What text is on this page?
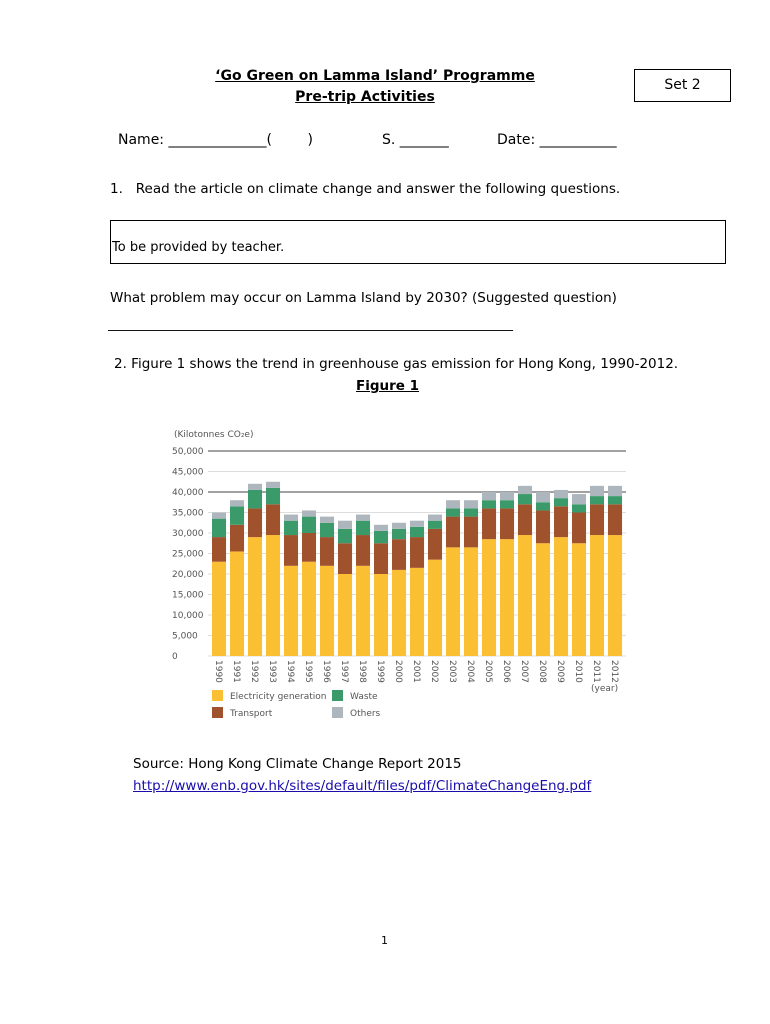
‘Go Green on Lamma Island’ Programme
Pre-trip Activities
Set 2
Name: ______________(        )	S. _______	Date: ___________
1.   Read the article on climate change and answer the following questions.
To be provided by teacher.
What problem may occur on Lamma Island by 2030? (Suggested question)
____________________________________________________________
2. Figure 1 shows the trend in greenhouse gas emission for Hong Kong, 1990-2012.
Figure 1
(Kilotonnes CO₂e)
0
5,000
10,000
15,000
20,000
25,000
30,000
35,000
40,000
45,000
50,000
1990 1991 1992 1993 1994 1995 1996 1997 1998 1999 2000 2001 2002 2003 2004 2005 2006 2007 2008 2009 2010 2011 2012
(year)
Electricity generation
Transport
Waste
Others
Source: Hong Kong Climate Change Report 2015
http://www.enb.gov.hk/sites/default/files/pdf/ClimateChangeEng.pdf
1
